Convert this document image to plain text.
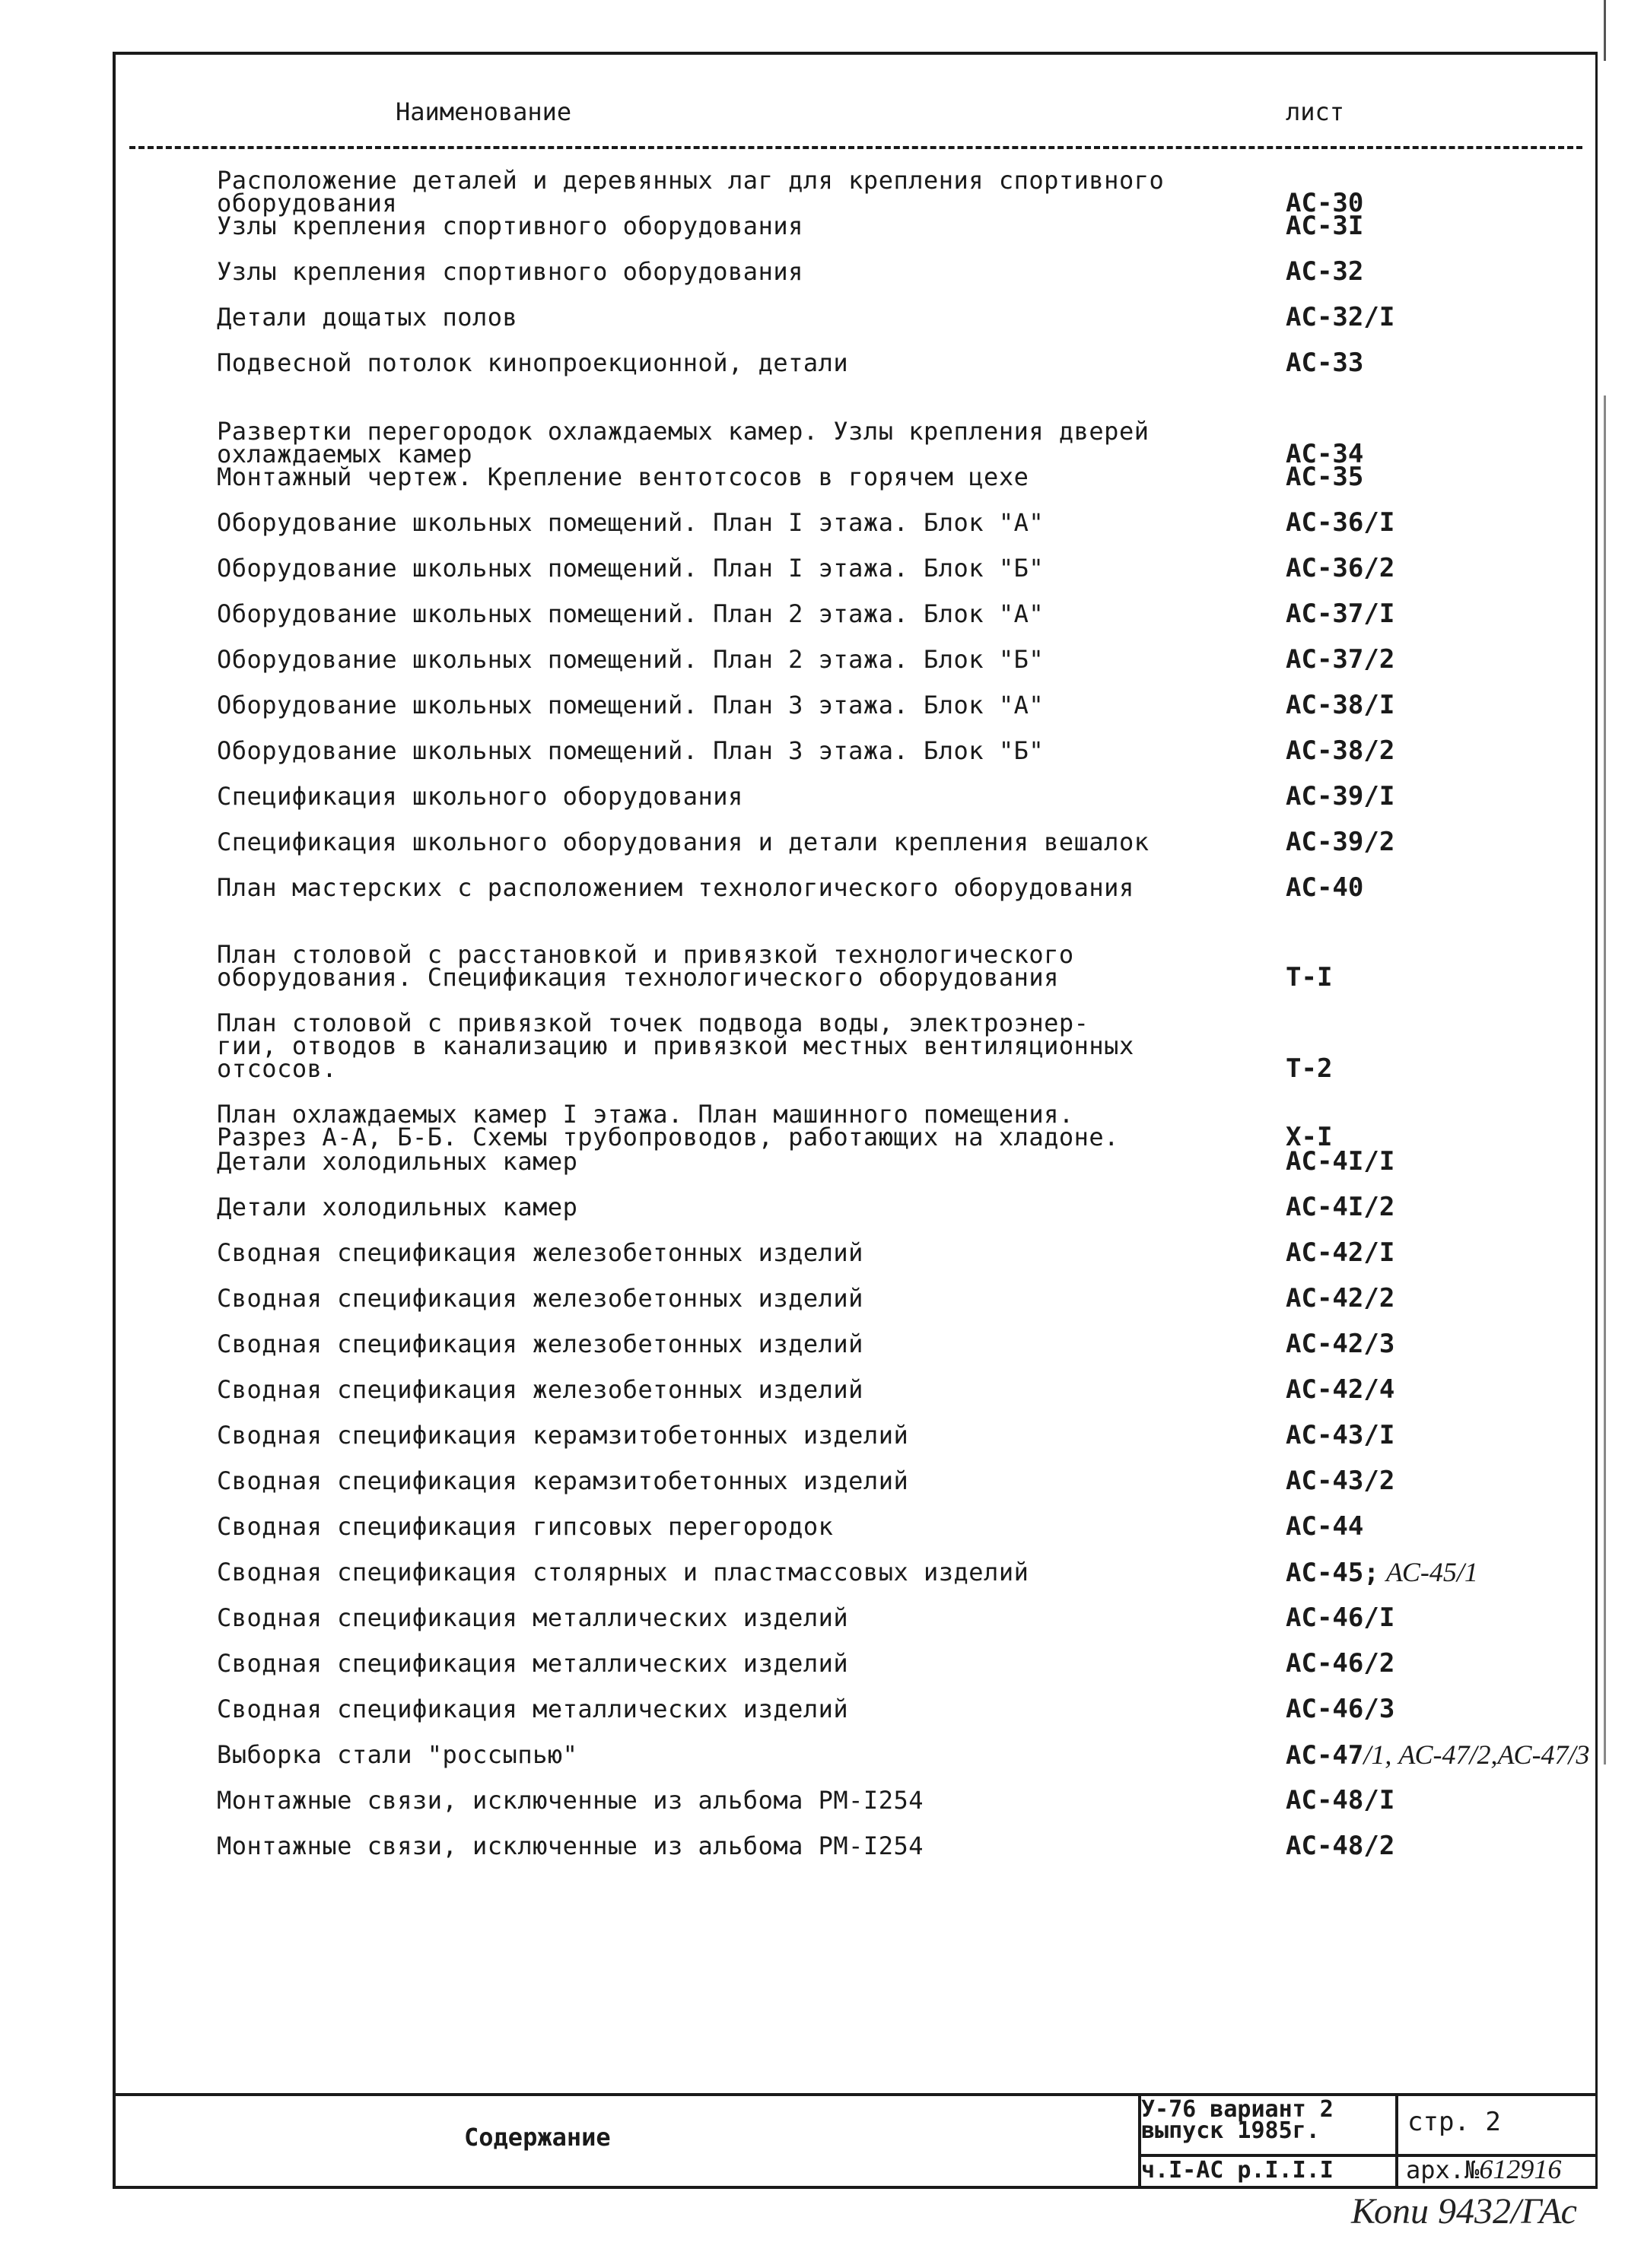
Наименование	лист
Расположение деталей и деревянных лаг для крепления спортивного
оборудования	АС-30
Узлы крепления спортивного оборудования	АС-3I
Узлы крепления спортивного оборудования	АС-32
Детали дощатых полов	АС-32/I
Подвесной потолок кинопроекционной, детали	АС-33
Развертки перегородок охлаждаемых камер. Узлы крепления дверей
охлаждаемых камер	АС-34
Монтажный чертеж. Крепление вентотсосов в горячем цехе	АС-35
Оборудование школьных помещений. План I этажа. Блок "А"	АС-36/I
Оборудование школьных помещений. План I этажа. Блок "Б"	АС-36/2
Оборудование школьных помещений. План 2 этажа. Блок "А"	АС-37/I
Оборудование школьных помещений. План 2 этажа. Блок "Б"	АС-37/2
Оборудование школьных помещений. План 3 этажа. Блок "А"	АС-38/I
Оборудование школьных помещений. План 3 этажа. Блок "Б"	АС-38/2
Спецификация школьного оборудования	АС-39/I
Спецификация школьного оборудования и детали крепления вешалок	АС-39/2
План мастерских с расположением технологического оборудования	АС-40
План столовой с расстановкой и привязкой технологического
оборудования. Спецификация технологического оборудования	Т-I
План столовой с привязкой точек подвода воды, электроэнер-
гии, отводов в канализацию и привязкой местных вентиляционных
отсосов.	Т-2
План охлаждаемых камер I этажа. План машинного помещения.
Разрез А-А, Б-Б. Схемы трубопроводов, работающих на хладоне.	Х-I
Детали холодильных камер	АС-4I/I
Детали холодильных камер	АС-4I/2
Сводная спецификация железобетонных изделий	АС-42/I
Сводная спецификация железобетонных изделий	АС-42/2
Сводная спецификация железобетонных изделий	АС-42/3
Сводная спецификация железобетонных изделий	АС-42/4
Сводная спецификация керамзитобетонных изделий	АС-43/I
Сводная спецификация керамзитобетонных изделий	АС-43/2
Сводная спецификация гипсовых перегородок	АС-44
Сводная спецификация столярных и пластмассовых изделий	АС-45; АС-45/1
Сводная спецификация металлических изделий	АС-46/I
Сводная спецификация металлических изделий	АС-46/2
Сводная спецификация металлических изделий	АС-46/3
Выборка стали "россыпью"	АС-47/1, АС-47/2,АС-47/3
Монтажные связи, исключенные из альбома РМ-I254	АС-48/I
Монтажные связи, исключенные из альбома РМ-I254	АС-48/2
Содержание
У-76 вариант 2
выпуск 1985г.	стр. 2
ч.I-АС р.I.I.I	арх.№612916
Копи 9432/ГАс
